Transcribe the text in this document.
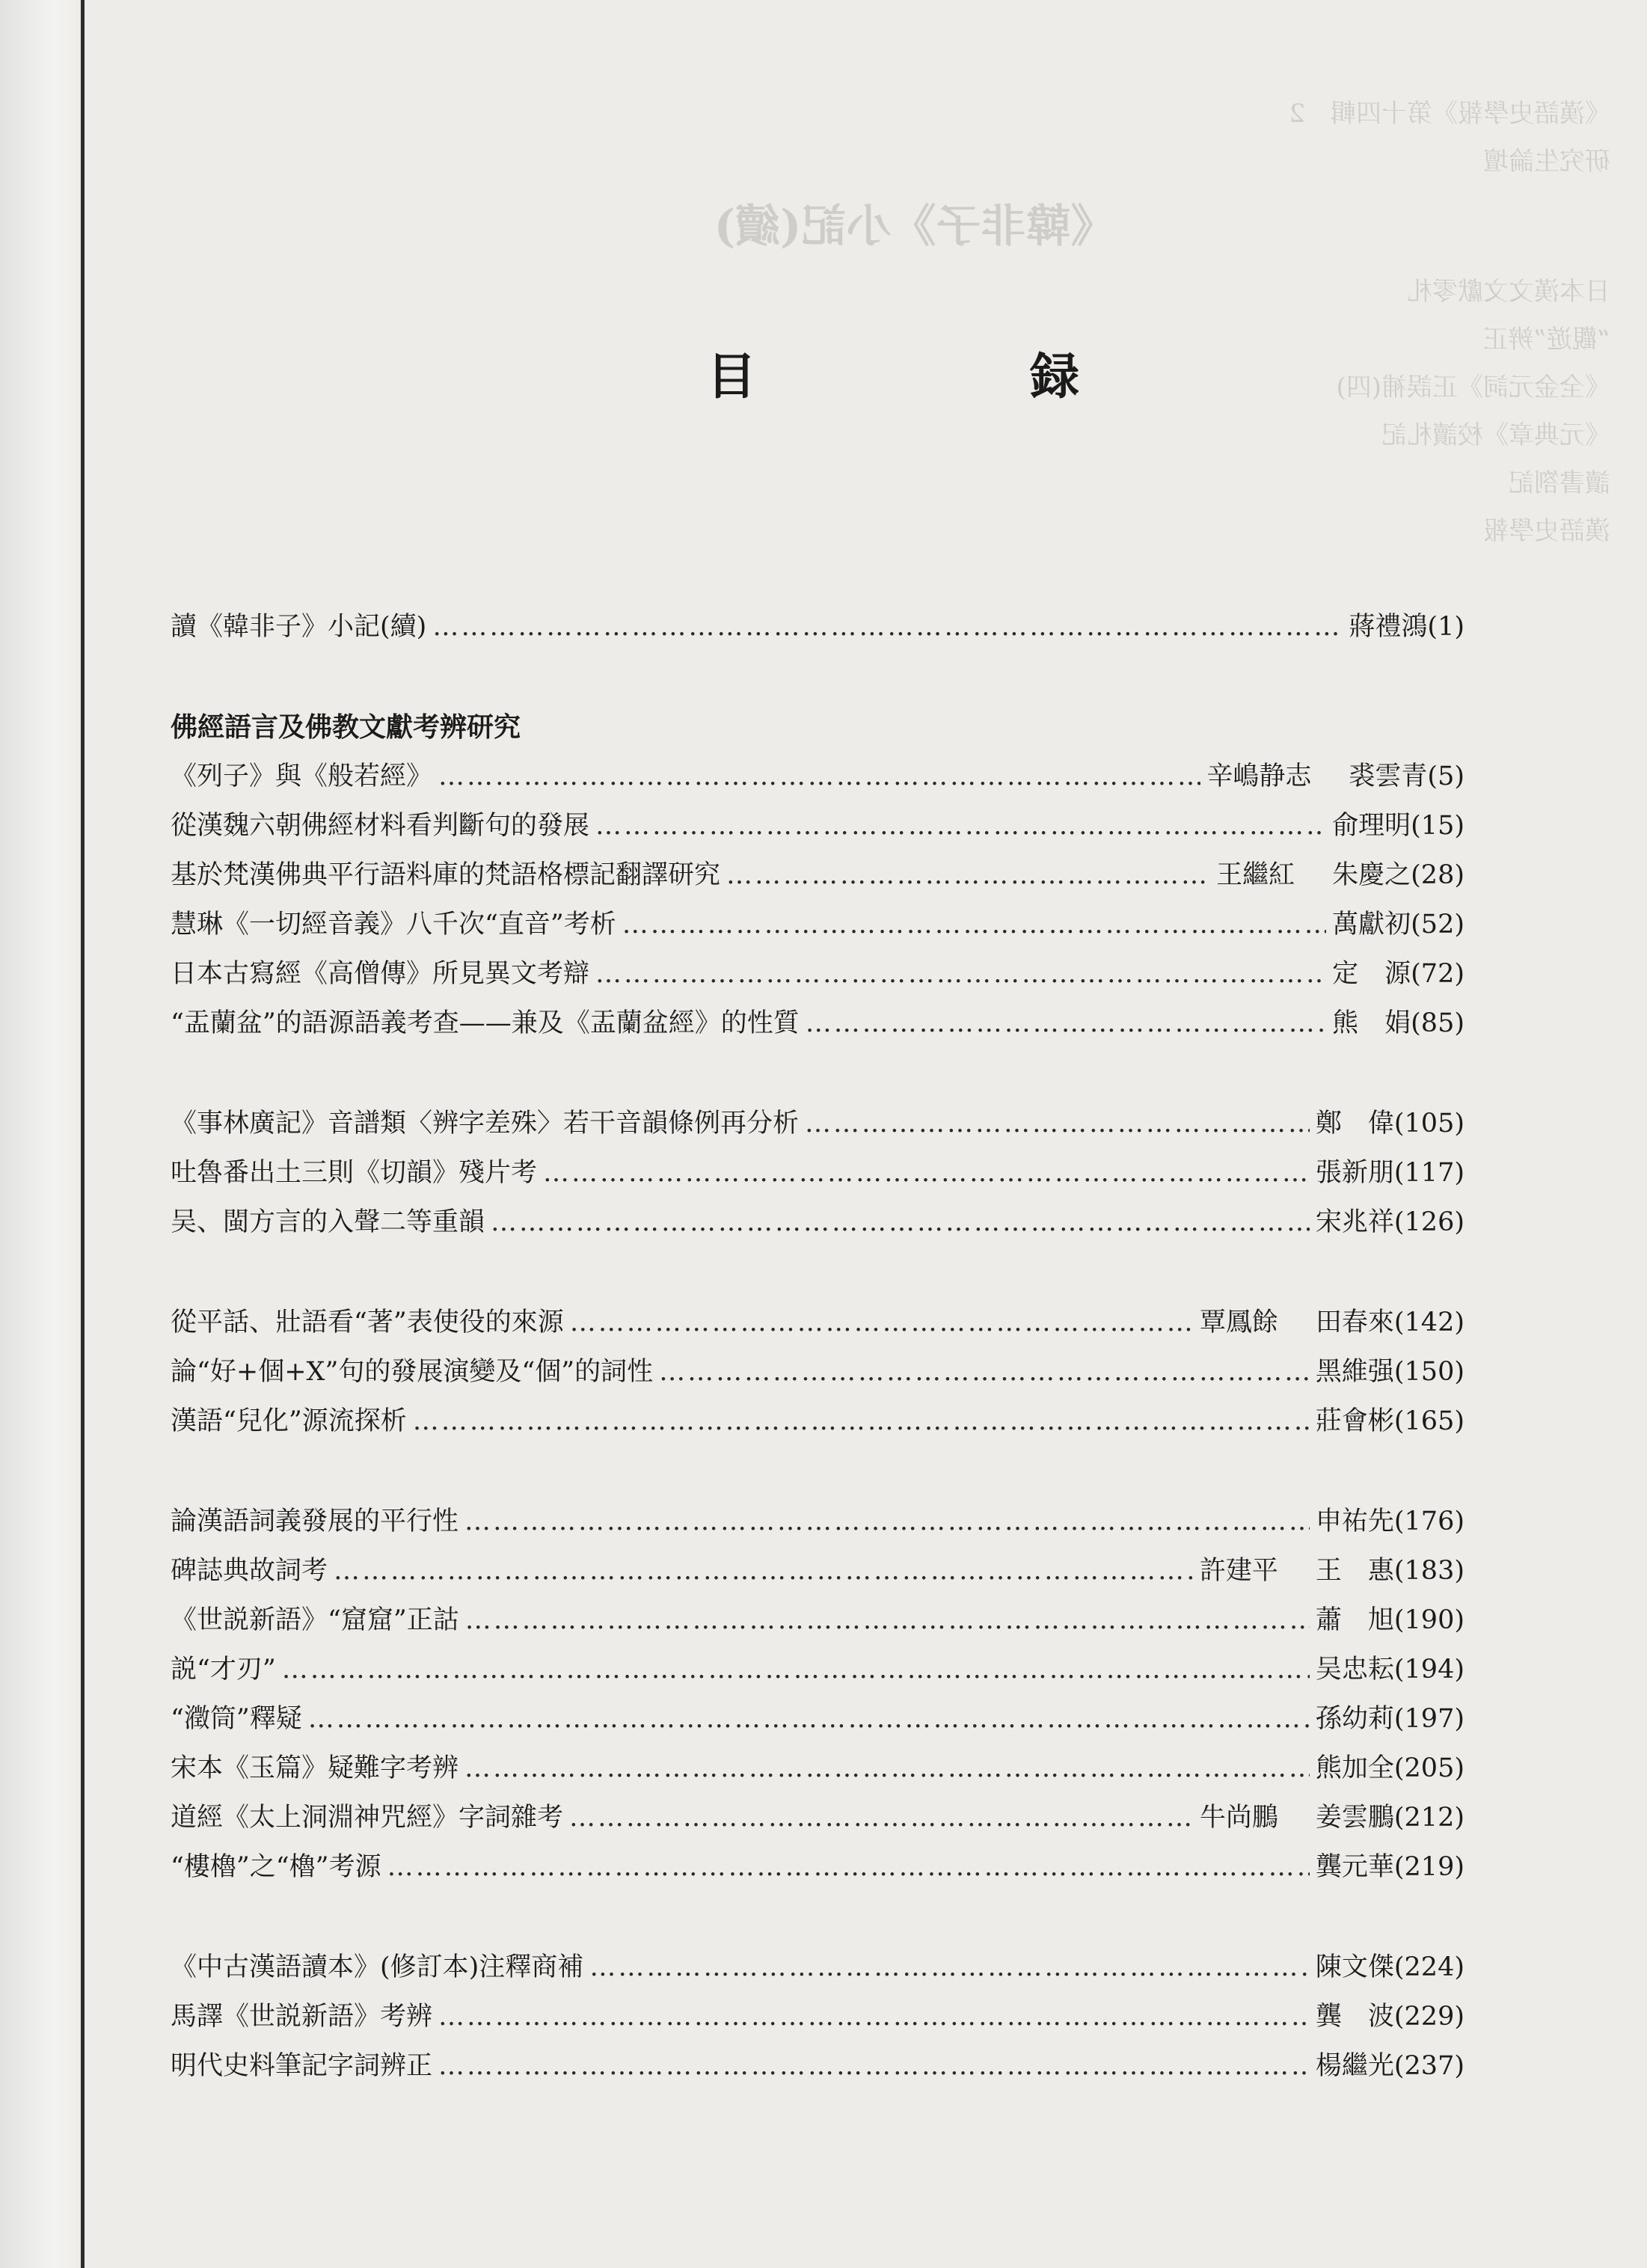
《漢語史學報》第十四輯　2
研究生論壇
《韓非子》小記(續)
日本漢文文獻零札
“觀遊”辨正
《全金元詞》正誤補(四)
《元典章》校讀札記
讀書劄記
漢語史學報
目　録
讀《韓非子》小記(續) …………………………………………………………………………………………………………………………………………………………………………………………	蔣禮鴻(1)
佛經語言及佛教文獻考辨研究
《列子》與《般若經》 …………………………………………………………………………………………………………………………………………………………………………………………	辛嶋静志 裘雲青(5)
從漢魏六朝佛經材料看判斷句的發展 …………………………………………………………………………………………………………………………………………………………………………………………	俞理明(15)
基於梵漢佛典平行語料庫的梵語格標記翻譯研究 …………………………………………………………………………………………………………………………………………………………………………………………	王繼紅 朱慶之(28)
慧琳《一切經音義》八千次“直音”考析 …………………………………………………………………………………………………………………………………………………………………………………………	萬獻初(52)
日本古寫經《高僧傳》所見異文考辯 …………………………………………………………………………………………………………………………………………………………………………………………	定　源(72)
“盂蘭盆”的語源語義考查——兼及《盂蘭盆經》的性質 …………………………………………………………………………………………………………………………………………………………………………………………	熊　娟(85)
《事林廣記》音譜類〈辨字差殊〉若干音韻條例再分析 …………………………………………………………………………………………………………………………………………………………………………………………	鄭　偉(105)
吐魯番出土三則《切韻》殘片考 …………………………………………………………………………………………………………………………………………………………………………………………	張新朋(117)
吴、閩方言的入聲二等重韻 …………………………………………………………………………………………………………………………………………………………………………………………	宋兆祥(126)
從平話、壯語看“著”表使役的來源 …………………………………………………………………………………………………………………………………………………………………………………………	覃鳳餘 田春來(142)
論“好+個+X”句的發展演變及“個”的詞性 …………………………………………………………………………………………………………………………………………………………………………………………	黑維强(150)
漢語“兒化”源流探析 …………………………………………………………………………………………………………………………………………………………………………………………	莊會彬(165)
論漢語詞義發展的平行性 …………………………………………………………………………………………………………………………………………………………………………………………	申祐先(176)
碑誌典故詞考 …………………………………………………………………………………………………………………………………………………………………………………………	許建平 王　惠(183)
《世説新語》“窟窟”正詁 …………………………………………………………………………………………………………………………………………………………………………………………	蕭　旭(190)
説“才刃” …………………………………………………………………………………………………………………………………………………………………………………………	吴忠耘(194)
“瀓筒”釋疑 …………………………………………………………………………………………………………………………………………………………………………………………	孫幼莉(197)
宋本《玉篇》疑難字考辨 …………………………………………………………………………………………………………………………………………………………………………………………	熊加全(205)
道經《太上洞淵神咒經》字詞雜考 …………………………………………………………………………………………………………………………………………………………………………………………	牛尚鵬 姜雲鵬(212)
“樓櫓”之“櫓”考源 …………………………………………………………………………………………………………………………………………………………………………………………	龔元華(219)
《中古漢語讀本》(修訂本)注釋商補 …………………………………………………………………………………………………………………………………………………………………………………………	陳文傑(224)
馬譯《世説新語》考辨 …………………………………………………………………………………………………………………………………………………………………………………………	龔　波(229)
明代史料筆記字詞辨正 …………………………………………………………………………………………………………………………………………………………………………………………	楊繼光(237)
